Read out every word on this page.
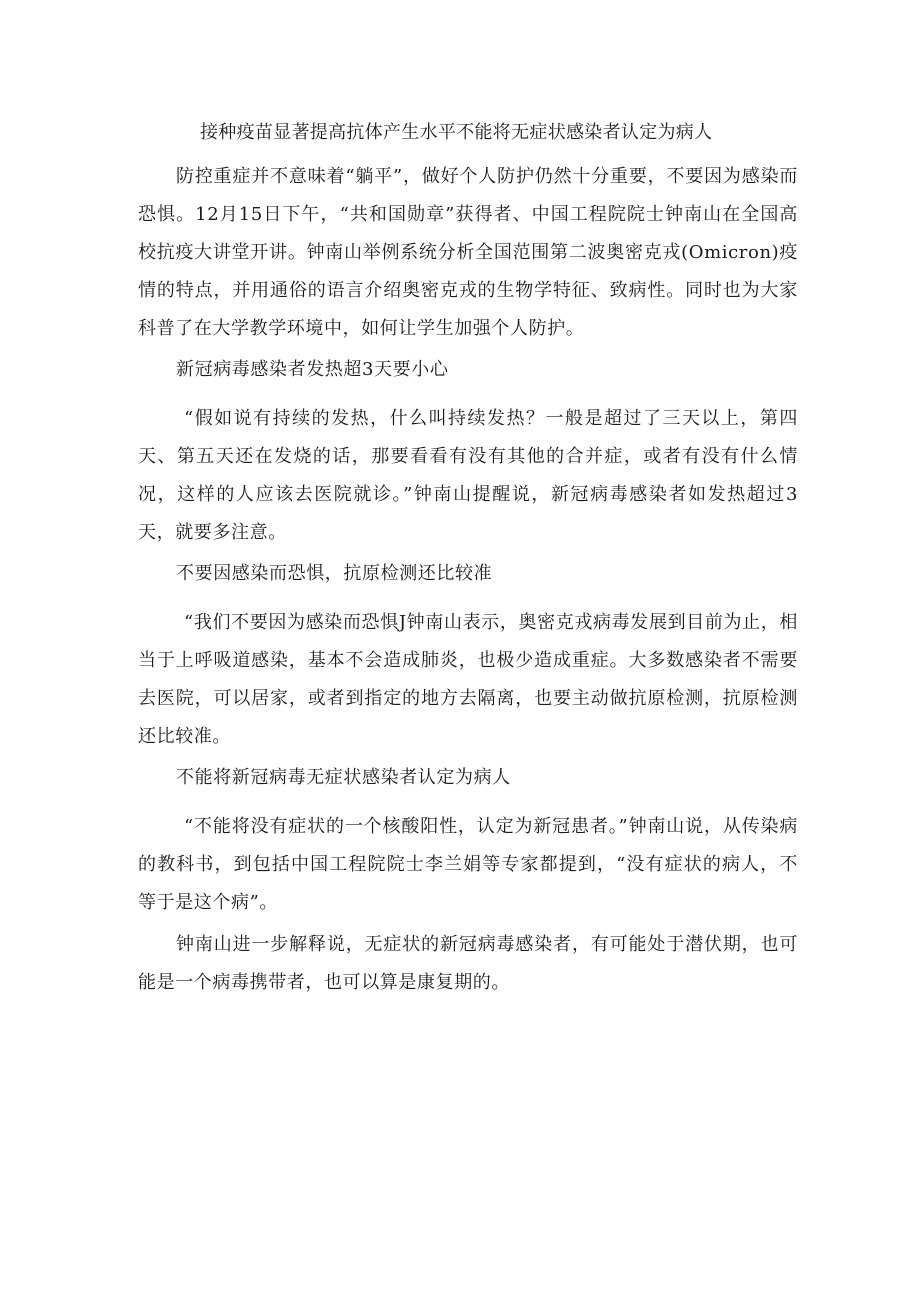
接种疫苗显著提高抗体产生水平不能将无症状感染者认定为病人

防控重症并不意味着“躺平”，做好个人防护仍然十分重要，不要因为感染而恐惧。12月15日下午，“共和国勋章”获得者、中国工程院院士钟南山在全国高校抗疫大讲堂开讲。钟南山举例系统分析全国范围第二波奥密克戎(Omicron)疫情的特点，并用通俗的语言介绍奥密克戎的生物学特征、致病性。同时也为大家科普了在大学教学环境中，如何让学生加强个人防护。

新冠病毒感染者发热超3天要小心

“假如说有持续的发热，什么叫持续发热？一般是超过了三天以上，第四天、第五天还在发烧的话，那要看看有没有其他的合并症，或者有没有什么情况，这样的人应该去医院就诊。”钟南山提醒说，新冠病毒感染者如发热超过3天，就要多注意。

不要因感染而恐惧，抗原检测还比较准

“我们不要因为感染而恐惧J钟南山表示，奥密克戎病毒发展到目前为止，相当于上呼吸道感染，基本不会造成肺炎，也极少造成重症。大多数感染者不需要去医院，可以居家，或者到指定的地方去隔离，也要主动做抗原检测，抗原检测还比较准。

不能将新冠病毒无症状感染者认定为病人

“不能将没有症状的一个核酸阳性，认定为新冠患者。”钟南山说，从传染病的教科书，到包括中国工程院院士李兰娟等专家都提到，“没有症状的病人，不等于是这个病”。

钟南山进一步解释说，无症状的新冠病毒感染者，有可能处于潜伏期，也可能是一个病毒携带者，也可以算是康复期的。
